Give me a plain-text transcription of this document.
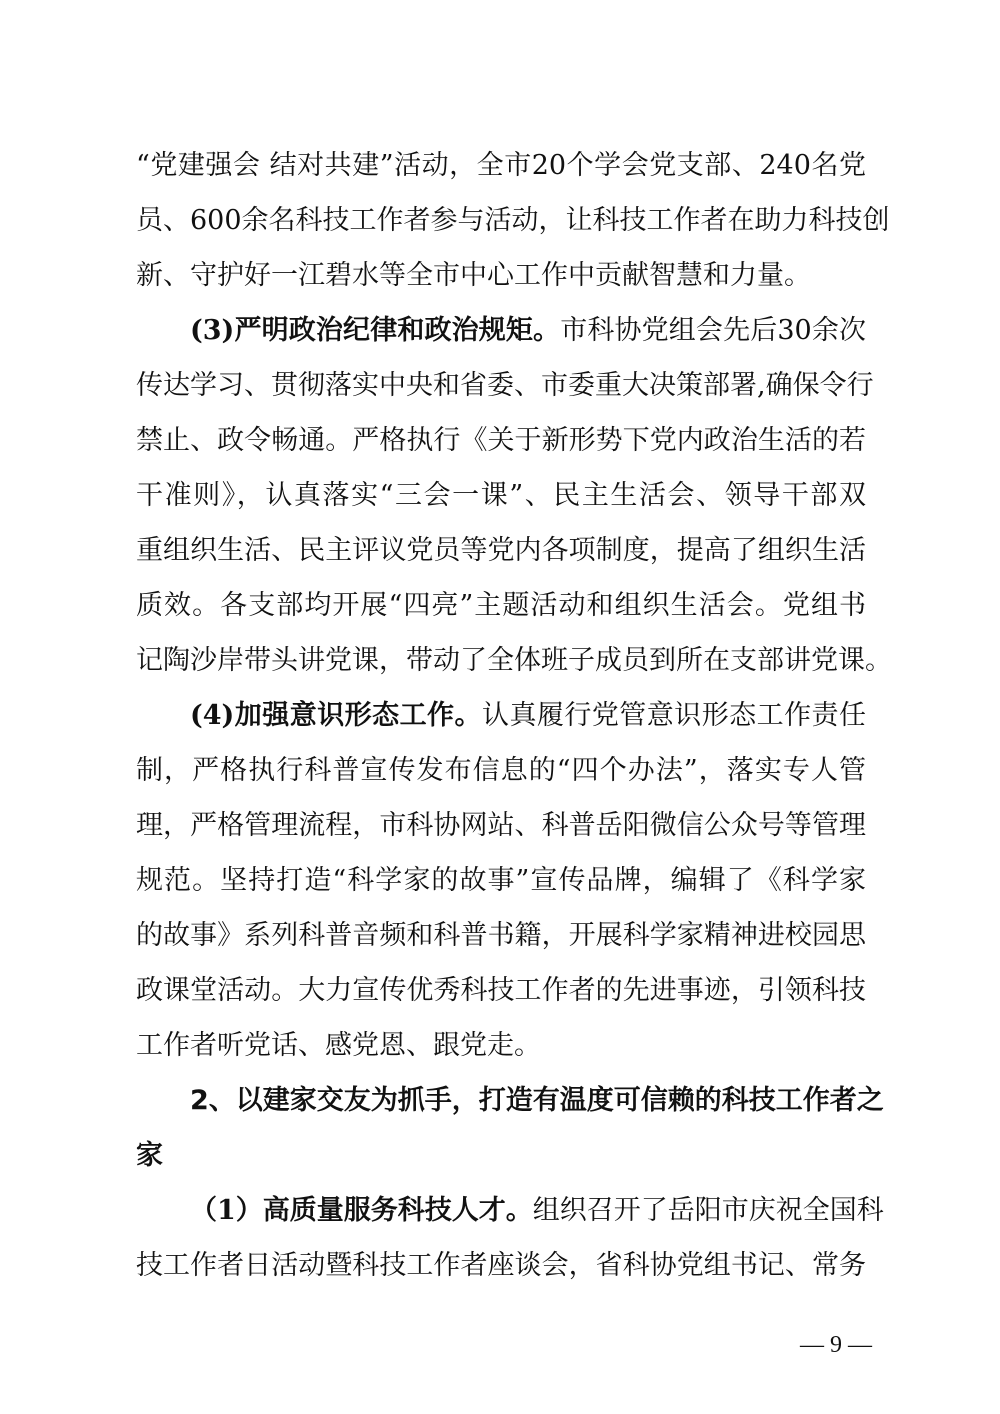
“党建强会 结对共建”活动，全市20个学会党支部、240名党
员、600余名科技工作者参与活动，让科技工作者在助力科技创
新、守护好一江碧水等全市中心工作中贡献智慧和力量。
(3)严明政治纪律和政治规矩。市科协党组会先后30余次
传达学习、贯彻落实中央和省委、市委重大决策部署,确保令行
禁止、政令畅通。严格执行《关于新形势下党内政治生活的若
干准则》，认真落实“三会一课”、民主生活会、领导干部双
重组织生活、民主评议党员等党内各项制度，提高了组织生活
质效。各支部均开展“四亮”主题活动和组织生活会。党组书
记陶沙岸带头讲党课，带动了全体班子成员到所在支部讲党课。
(4)加强意识形态工作。认真履行党管意识形态工作责任
制，严格执行科普宣传发布信息的“四个办法”，落实专人管
理，严格管理流程，市科协网站、科普岳阳微信公众号等管理
规范。坚持打造“科学家的故事”宣传品牌，编辑了《科学家
的故事》系列科普音频和科普书籍，开展科学家精神进校园思
政课堂活动。大力宣传优秀科技工作者的先进事迹，引领科技
工作者听党话、感党恩、跟党走。
2、以建家交友为抓手，打造有温度可信赖的科技工作者之
家
（1）高质量服务科技人才。组织召开了岳阳市庆祝全国科
技工作者日活动暨科技工作者座谈会，省科协党组书记、常务
— 9 —
